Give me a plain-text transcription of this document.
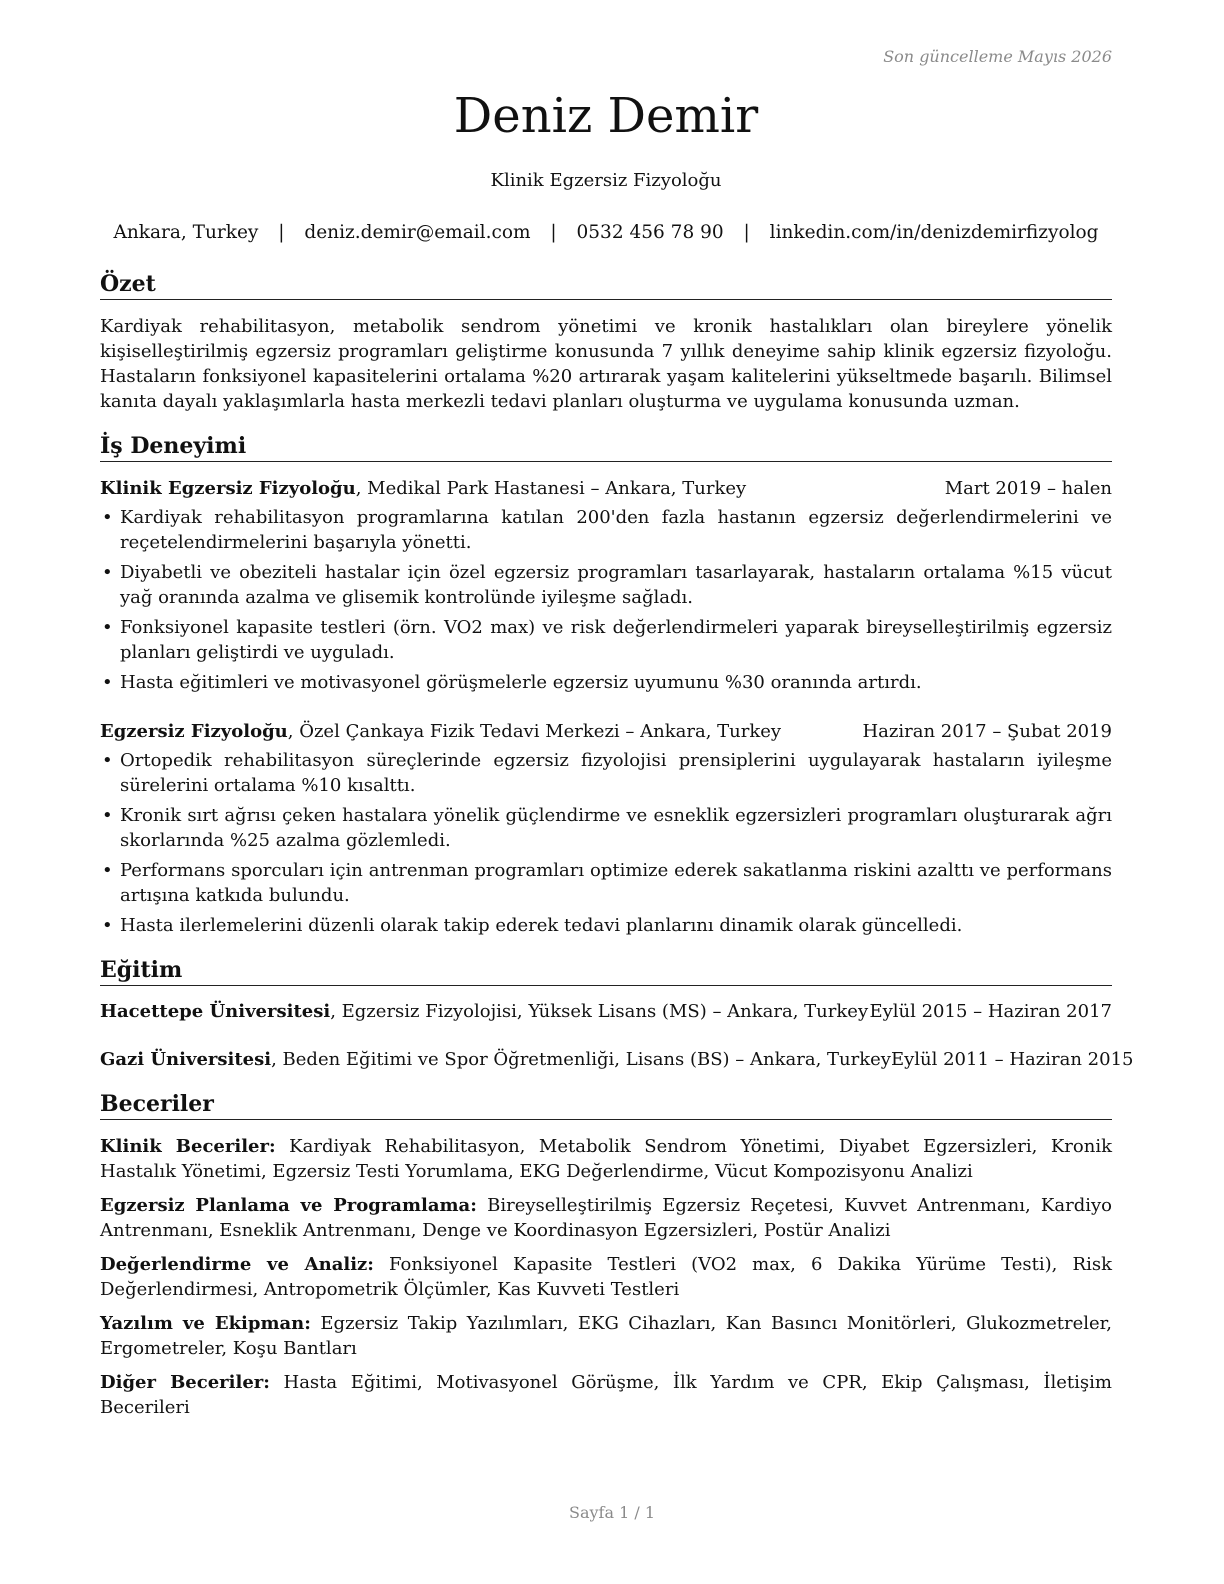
Son güncelleme Mayıs 2026
Deniz Demir
Klinik Egzersiz Fizyoloğu
Ankara, Turkey | deniz.demir@email.com | 0532 456 78 90 | linkedin.com/in/denizdemirfizyolog
Özet
Kardiyak rehabilitasyon, metabolik sendrom yönetimi ve kronik hastalıkları olan bireylere yönelik kişiselleştirilmiş egzersiz programları geliştirme konusunda 7 yıllık deneyime sahip klinik egzersiz fizyoloğu. Hastaların fonksiyonel kapasitelerini ortalama %20 artırarak yaşam kalitelerini yükseltmede başarılı. Bilimsel kanıta dayalı yaklaşımlarla hasta merkezli tedavi planları oluşturma ve uygulama konusunda uzman.
İş Deneyimi
Klinik Egzersiz Fizyoloğu, Medikal Park Hastanesi – Ankara, Turkey	Mart 2019 – halen
• Kardiyak rehabilitasyon programlarına katılan 200'den fazla hastanın egzersiz değerlendirmelerini ve reçetelendirmelerini başarıyla yönetti.
• Diyabetli ve obeziteli hastalar için özel egzersiz programları tasarlayarak, hastaların ortalama %15 vücut yağ oranında azalma ve glisemik kontrolünde iyileşme sağladı.
• Fonksiyonel kapasite testleri (örn. VO2 max) ve risk değerlendirmeleri yaparak bireyselleştirilmiş egzersiz planları geliştirdi ve uyguladı.
• Hasta eğitimleri ve motivasyonel görüşmelerle egzersiz uyumunu %30 oranında artırdı.
Egzersiz Fizyoloğu, Özel Çankaya Fizik Tedavi Merkezi – Ankara, Turkey	Haziran 2017 – Şubat 2019
• Ortopedik rehabilitasyon süreçlerinde egzersiz fizyolojisi prensiplerini uygulayarak hastaların iyileşme sürelerini ortalama %10 kısalttı.
• Kronik sırt ağrısı çeken hastalara yönelik güçlendirme ve esneklik egzersizleri programları oluşturarak ağrı skorlarında %25 azalma gözlemledi.
• Performans sporcuları için antrenman programları optimize ederek sakatlanma riskini azalttı ve performans artışına katkıda bulundu.
• Hasta ilerlemelerini düzenli olarak takip ederek tedavi planlarını dinamik olarak güncelledi.
Eğitim
Hacettepe Üniversitesi, Egzersiz Fizyolojisi, Yüksek Lisans (MS) – Ankara, Turkey Eylül 2015 – Haziran 2017
Gazi Üniversitesi, Beden Eğitimi ve Spor Öğretmenliği, Lisans (BS) – Ankara, Turkey Eylül 2011 – Haziran 2015
Beceriler
Klinik Beceriler: Kardiyak Rehabilitasyon, Metabolik Sendrom Yönetimi, Diyabet Egzersizleri, Kronik Hastalık Yönetimi, Egzersiz Testi Yorumlama, EKG Değerlendirme, Vücut Kompozisyonu Analizi
Egzersiz Planlama ve Programlama: Bireyselleştirilmiş Egzersiz Reçetesi, Kuvvet Antrenmanı, Kardiyo Antrenmanı, Esneklik Antrenmanı, Denge ve Koordinasyon Egzersizleri, Postür Analizi
Değerlendirme ve Analiz: Fonksiyonel Kapasite Testleri (VO2 max, 6 Dakika Yürüme Testi), Risk Değerlendirmesi, Antropometrik Ölçümler, Kas Kuvveti Testleri
Yazılım ve Ekipman: Egzersiz Takip Yazılımları, EKG Cihazları, Kan Basıncı Monitörleri, Glukozmetreler, Ergometreler, Koşu Bantları
Diğer Beceriler: Hasta Eğitimi, Motivasyonel Görüşme, İlk Yardım ve CPR, Ekip Çalışması, İletişim Becerileri
Sayfa 1 / 1
